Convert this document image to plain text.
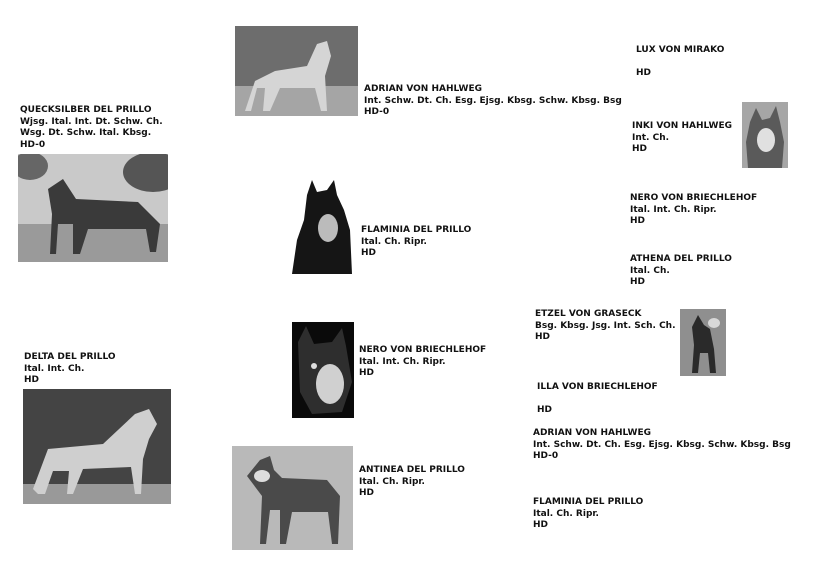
QUECKSILBER DEL PRILLO
Wjsg. Ital. Int. Dt. Schw. Ch.
Wsg. Dt. Schw. Ital. Kbsg.
HD-0
DELTA DEL PRILLO
Ital. Int. Ch.
HD
ADRIAN VON HAHLWEG
Int. Schw. Dt. Ch. Esg. Ejsg. Kbsg. Schw. Kbsg. Bsg
HD-0
FLAMINIA DEL PRILLO
Ital. Ch. Ripr.
HD
NERO VON BRIECHLEHOF
Ital. Int. Ch. Ripr.
HD
ANTINEA DEL PRILLO
Ital. Ch. Ripr.
HD
LUX VON MIRAKO
HD
INKI VON HAHLWEG
Int. Ch.
HD
NERO VON BRIECHLEHOF
Ital. Int. Ch. Ripr.
HD
ATHENA DEL PRILLO
Ital. Ch.
HD
ETZEL VON GRASECK
Bsg. Kbsg. Jsg. Int. Sch. Ch.
HD
ILLA VON BRIECHLEHOF
HD
ADRIAN VON HAHLWEG
Int. Schw. Dt. Ch. Esg. Ejsg. Kbsg. Schw. Kbsg. Bsg
HD-0
FLAMINIA DEL PRILLO
Ital. Ch. Ripr.
HD
